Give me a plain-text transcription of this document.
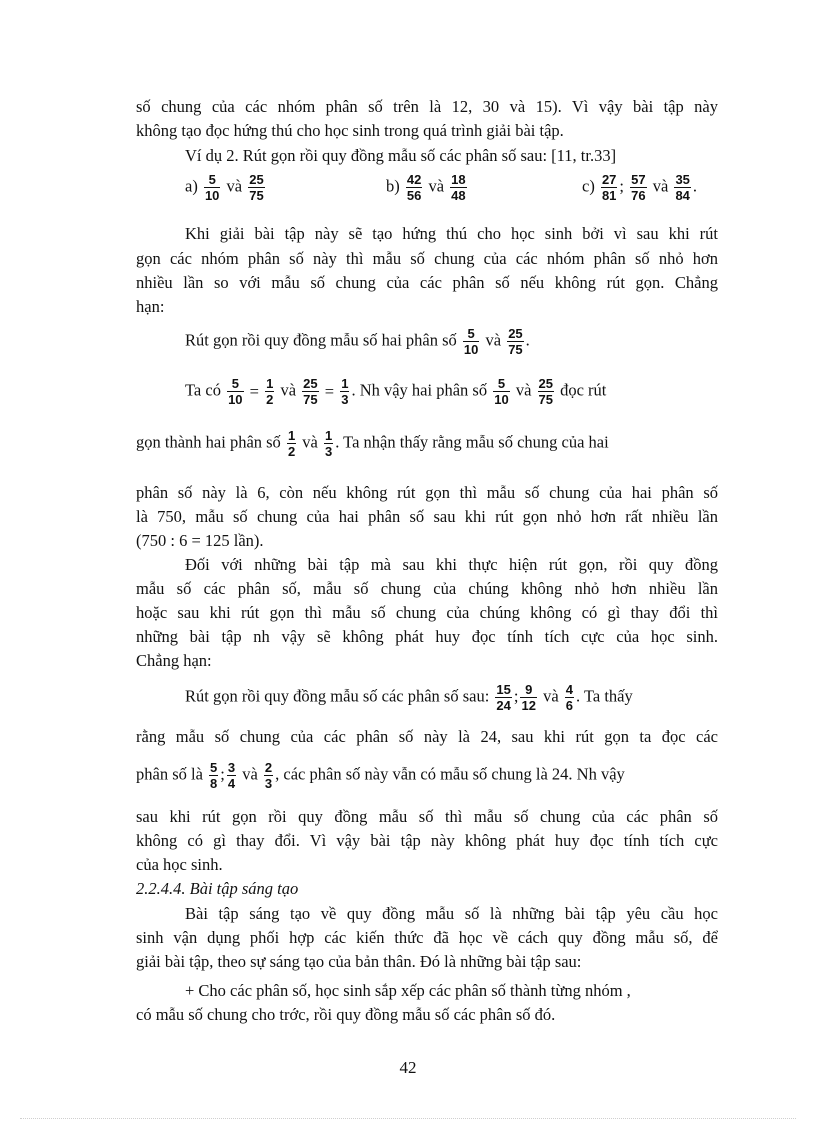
số chung của các nhóm phân số trên là 12, 30 và 15). Vì vậy bài tập này
không tạo đọc hứng thú cho học sinh trong quá trình giải bài tập.
Ví dụ 2. Rút gọn rồi quy đồng mẫu số các phân số sau: [11, tr.33]
$a) \frac{5}{10}$ và $\frac{25}{75}$	$b) \frac{42}{56}$ và $\frac{18}{48}$	$c) \frac{27}{81}$ ; $\frac{57}{76}$ và $\frac{35}{84}$ .
Khi giải bài tập này sẽ tạo hứng thú cho học sinh bởi vì sau khi rút
gọn các nhóm phân số này thì mẫu số chung của các nhóm phân số nhỏ hơn
nhiều lần so với mẫu số chung của các phân số nếu không rút gọn. Chẳng
hạn:
Rút gọn rồi quy đồng mẫu số hai phân số $\frac{5}{10}$ và $\frac{25}{75}$ .
Ta có $\frac{5}{10} = \frac{1}{2}$ và $\frac{25}{75} = \frac{1}{3}$ . Nh vậy hai phân số $\frac{5}{10}$ và $\frac{25}{75}$ đọc rút
gọn thành hai phân số $\frac{1}{2}$ và $\frac{1}{3}$ . Ta nhận thấy rằng mẫu số chung của hai
phân số này là 6, còn nếu không rút gọn thì mẫu số chung của hai phân số
là 750, mẫu số chung của hai phân số sau khi rút gọn nhỏ hơn rất nhiều lần
(750 : 6 = 125 lần).
Đối với những bài tập mà sau khi thực hiện rút gọn, rồi quy đồng
mẫu số các phân số, mẫu số chung của chúng không nhỏ hơn nhiều lần
hoặc sau khi rút gọn thì mẫu số chung của chúng không có gì thay đổi thì
những bài tập nh vậy sẽ không phát huy đọc tính tích cực của học sinh.
Chẳng hạn:
Rút gọn rồi quy đồng mẫu số các phân số sau: $\frac{15}{24}$ ; $\frac{9}{12}$ và $\frac{4}{6}$ . Ta thấy
rằng mẫu số chung của các phân số này là 24, sau khi rút gọn ta đọc các
phân số là $\frac{5}{8}$ ; $\frac{3}{4}$ và $\frac{2}{3}$ , các phân số này vẫn có mẫu số chung là 24. Nh vậy
sau khi rút gọn rồi quy đồng mẫu số thì mẫu số chung của các phân số
không có gì thay đổi. Vì vậy bài tập này không phát huy đọc tính tích cực
của học sinh.
2.2.4.4. Bài tập sáng tạo
Bài tập sáng tạo về quy đồng mẫu số là những bài tập yêu cầu học
sinh vận dụng phối hợp các kiến thức đã học về cách quy đồng mẫu số, để
giải bài tập, theo sự sáng tạo của bản thân. Đó là những bài tập sau:
+ Cho các phân số, học sinh sắp xếp các phân số thành từng nhóm ,
có mẫu số chung cho trớc, rồi quy đồng mẫu số các phân số đó.
42
